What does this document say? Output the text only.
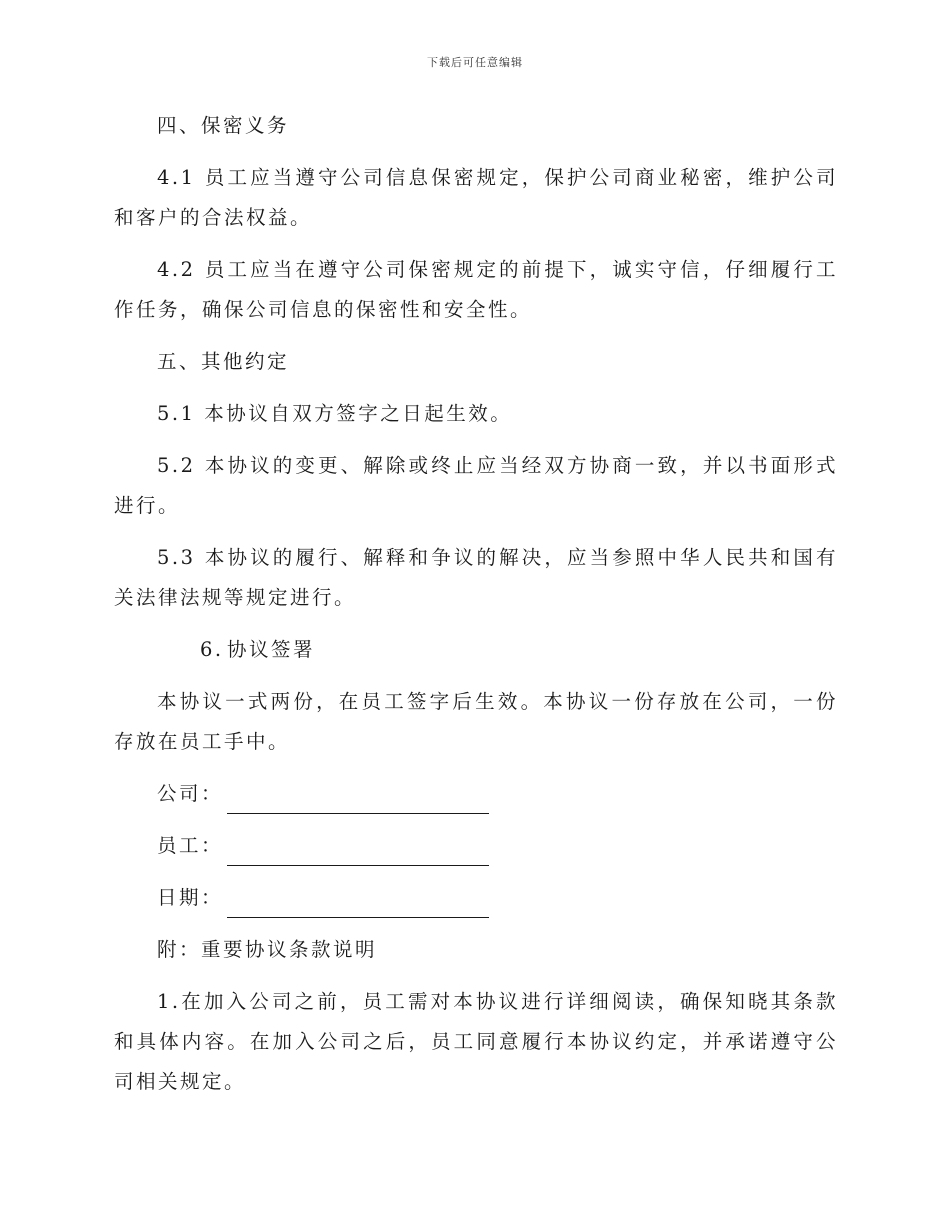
下载后可任意编辑

四、保密义务

4.1 员工应当遵守公司信息保密规定，保护公司商业秘密，维护公司和客户的合法权益。

4.2 员工应当在遵守公司保密规定的前提下，诚实守信，仔细履行工作任务，确保公司信息的保密性和安全性。

五、其他约定

5.1 本协议自双方签字之日起生效。

5.2 本协议的变更、解除或终止应当经双方协商一致，并以书面形式进行。

5.3 本协议的履行、解释和争议的解决，应当参照中华人民共和国有关法律法规等规定进行。

6. 协议签署

本协议一式两份，在员工签字后生效。本协议一份存放在公司，一份存放在员工手中。

公司：
员工：
日期：

附：重要协议条款说明

1.在加入公司之前，员工需对本协议进行详细阅读，确保知晓其条款和具体内容。在加入公司之后，员工同意履行本协议约定，并承诺遵守公司相关规定。
